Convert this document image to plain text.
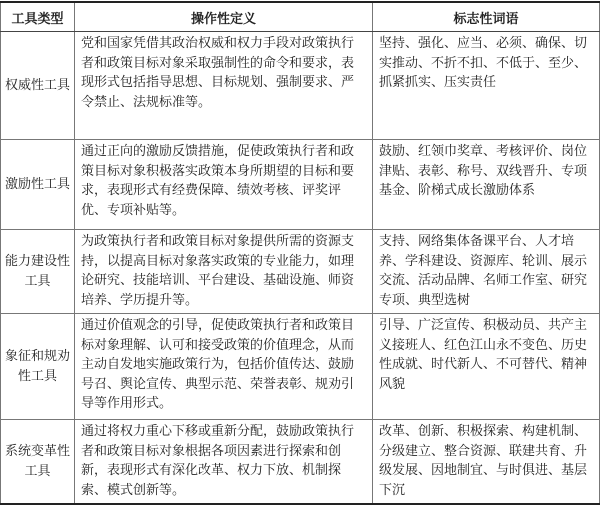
工具类型	操作性定义	标志性词语
权威性工具	党和国家凭借其政治权威和权力手段对政策执行者和政策目标对象采取强制性的命令和要求，表现形式包括指导思想、目标规划、强制要求、严令禁止、法规标准等。	坚持、强化、应当、必须、确保、切实推动、不折不扣、不低于、至少、抓紧抓实、压实责任
激励性工具	通过正向的激励反馈措施，促使政策执行者和政策目标对象积极落实政策本身所期望的目标和要求，表现形式有经费保障、绩效考核、评奖评优、专项补贴等。	鼓励、红领巾奖章、考核评价、岗位津贴、表彰、称号、双线晋升、专项基金、阶梯式成长激励体系
能力建设性工具	为政策执行者和政策目标对象提供所需的资源支持，以提高目标对象落实政策的专业能力，如理论研究、技能培训、平台建设、基础设施、师资培养、学历提升等。	支持、网络集体备课平台、人才培养、学科建设、资源库、轮训、展示交流、活动品牌、名师工作室、研究专项、典型选树
象征和规劝性工具	通过价值观念的引导，促使政策执行者和政策目标对象理解、认可和接受政策的价值理念，从而主动自发地实施政策行为，包括价值传达、鼓励号召、舆论宣传、典型示范、荣誉表彰、规劝引导等作用形式。	引导、广泛宣传、积极动员、共产主义接班人、红色江山永不变色、历史性成就、时代新人、不可替代、精神风貌
系统变革性工具	通过将权力重心下移或重新分配，鼓励政策执行者和政策目标对象根据各项因素进行探索和创新，表现形式有深化改革、权力下放、机制探索、模式创新等。	改革、创新、积极探索、构建机制、分级建立、整合资源、联建共育、升级发展、因地制宜、与时俱进、基层下沉
